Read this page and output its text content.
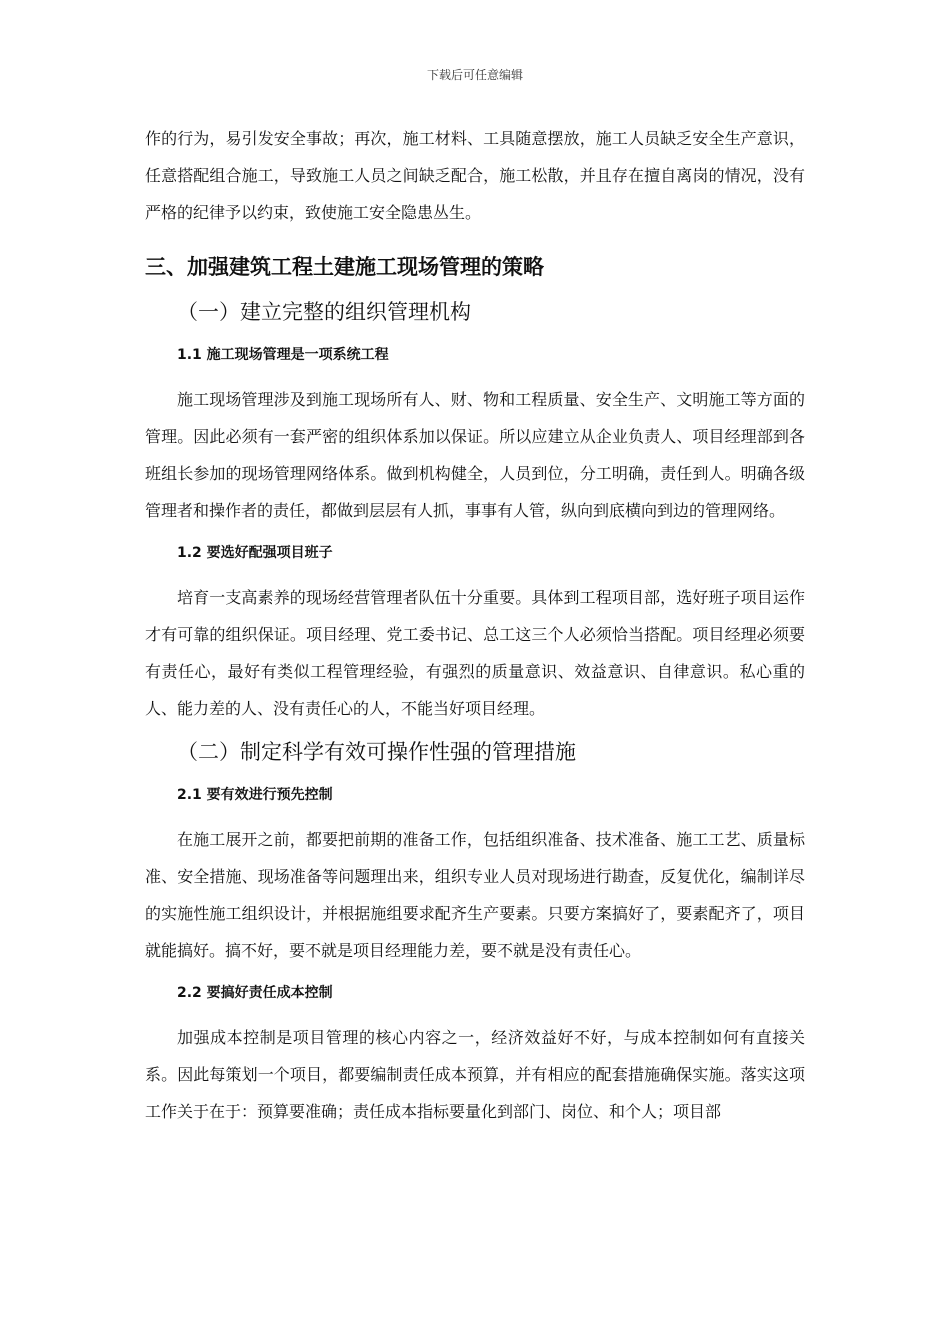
下载后可任意编辑

作的行为，易引发安全事故；再次，施工材料、工具随意摆放，施工人员缺乏安全生产意识，任意搭配组合施工，导致施工人员之间缺乏配合，施工松散，并且存在擅自离岗的情况，没有严格的纪律予以约束，致使施工安全隐患丛生。

三、加强建筑工程土建施工现场管理的策略
（一）建立完整的组织管理机构
1.1 施工现场管理是一项系统工程

施工现场管理涉及到施工现场所有人、财、物和工程质量、安全生产、文明施工等方面的管理。因此必须有一套严密的组织体系加以保证。所以应建立从企业负责人、项目经理部到各班组长参加的现场管理网络体系。做到机构健全，人员到位，分工明确，责任到人。明确各级管理者和操作者的责任，都做到层层有人抓，事事有人管，纵向到底横向到边的管理网络。

1.2 要选好配强项目班子

培育一支高素养的现场经营管理者队伍十分重要。具体到工程项目部，选好班子项目运作才有可靠的组织保证。项目经理、党工委书记、总工这三个人必须恰当搭配。项目经理必须要有责任心，最好有类似工程管理经验，有强烈的质量意识、效益意识、自律意识。私心重的人、能力差的人、没有责任心的人，不能当好项目经理。

（二）制定科学有效可操作性强的管理措施
2.1 要有效进行预先控制

在施工展开之前，都要把前期的准备工作，包括组织准备、技术准备、施工工艺、质量标准、安全措施、现场准备等问题理出来，组织专业人员对现场进行勘查，反复优化，编制详尽的实施性施工组织设计，并根据施组要求配齐生产要素。只要方案搞好了，要素配齐了，项目就能搞好。搞不好，要不就是项目经理能力差，要不就是没有责任心。

2.2 要搞好责任成本控制

加强成本控制是项目管理的核心内容之一，经济效益好不好，与成本控制如何有直接关系。因此每策划一个项目，都要编制责任成本预算，并有相应的配套措施确保实施。落实这项工作关于在于：预算要准确；责任成本指标要量化到部门、岗位、和个人；项目部
